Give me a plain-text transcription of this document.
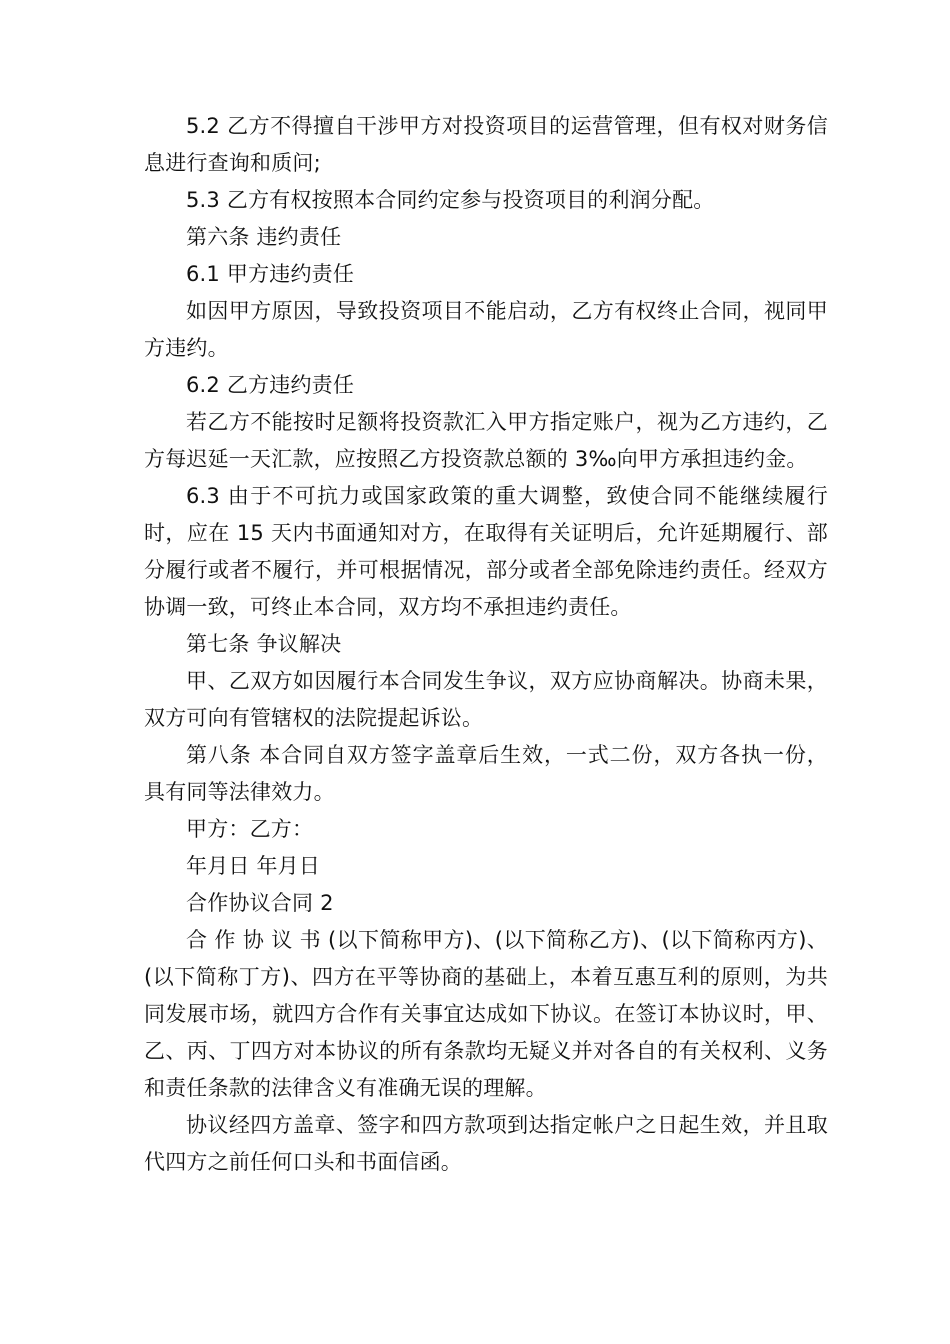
5.2 乙方不得擅自干涉甲方对投资项目的运营管理，但有权对财务信息进行查询和质问;

5.3 乙方有权按照本合同约定参与投资项目的利润分配。

第六条 违约责任

6.1 甲方违约责任

如因甲方原因，导致投资项目不能启动，乙方有权终止合同，视同甲方违约。

6.2 乙方违约责任

若乙方不能按时足额将投资款汇入甲方指定账户，视为乙方违约，乙方每迟延一天汇款，应按照乙方投资款总额的 3‰向甲方承担违约金。

6.3 由于不可抗力或国家政策的重大调整，致使合同不能继续履行时，应在 15 天内书面通知对方，在取得有关证明后，允许延期履行、部分履行或者不履行，并可根据情况，部分或者全部免除违约责任。经双方协调一致，可终止本合同，双方均不承担违约责任。

第七条 争议解决

甲、乙双方如因履行本合同发生争议，双方应协商解决。协商未果，双方可向有管辖权的法院提起诉讼。

第八条 本合同自双方签字盖章后生效，一式二份，双方各执一份，具有同等法律效力。

甲方：乙方：

年月日 年月日

合作协议合同 2

合 作 协 议 书 (以下简称甲方)、(以下简称乙方)、(以下简称丙方)、(以下简称丁方)、四方在平等协商的基础上，本着互惠互利的原则，为共同发展市场，就四方合作有关事宜达成如下协议。在签订本协议时，甲、乙、丙、丁四方对本协议的所有条款均无疑义并对各自的有关权利、义务和责任条款的法律含义有准确无误的理解。

协议经四方盖章、签字和四方款项到达指定帐户之日起生效，并且取代四方之前任何口头和书面信函。
